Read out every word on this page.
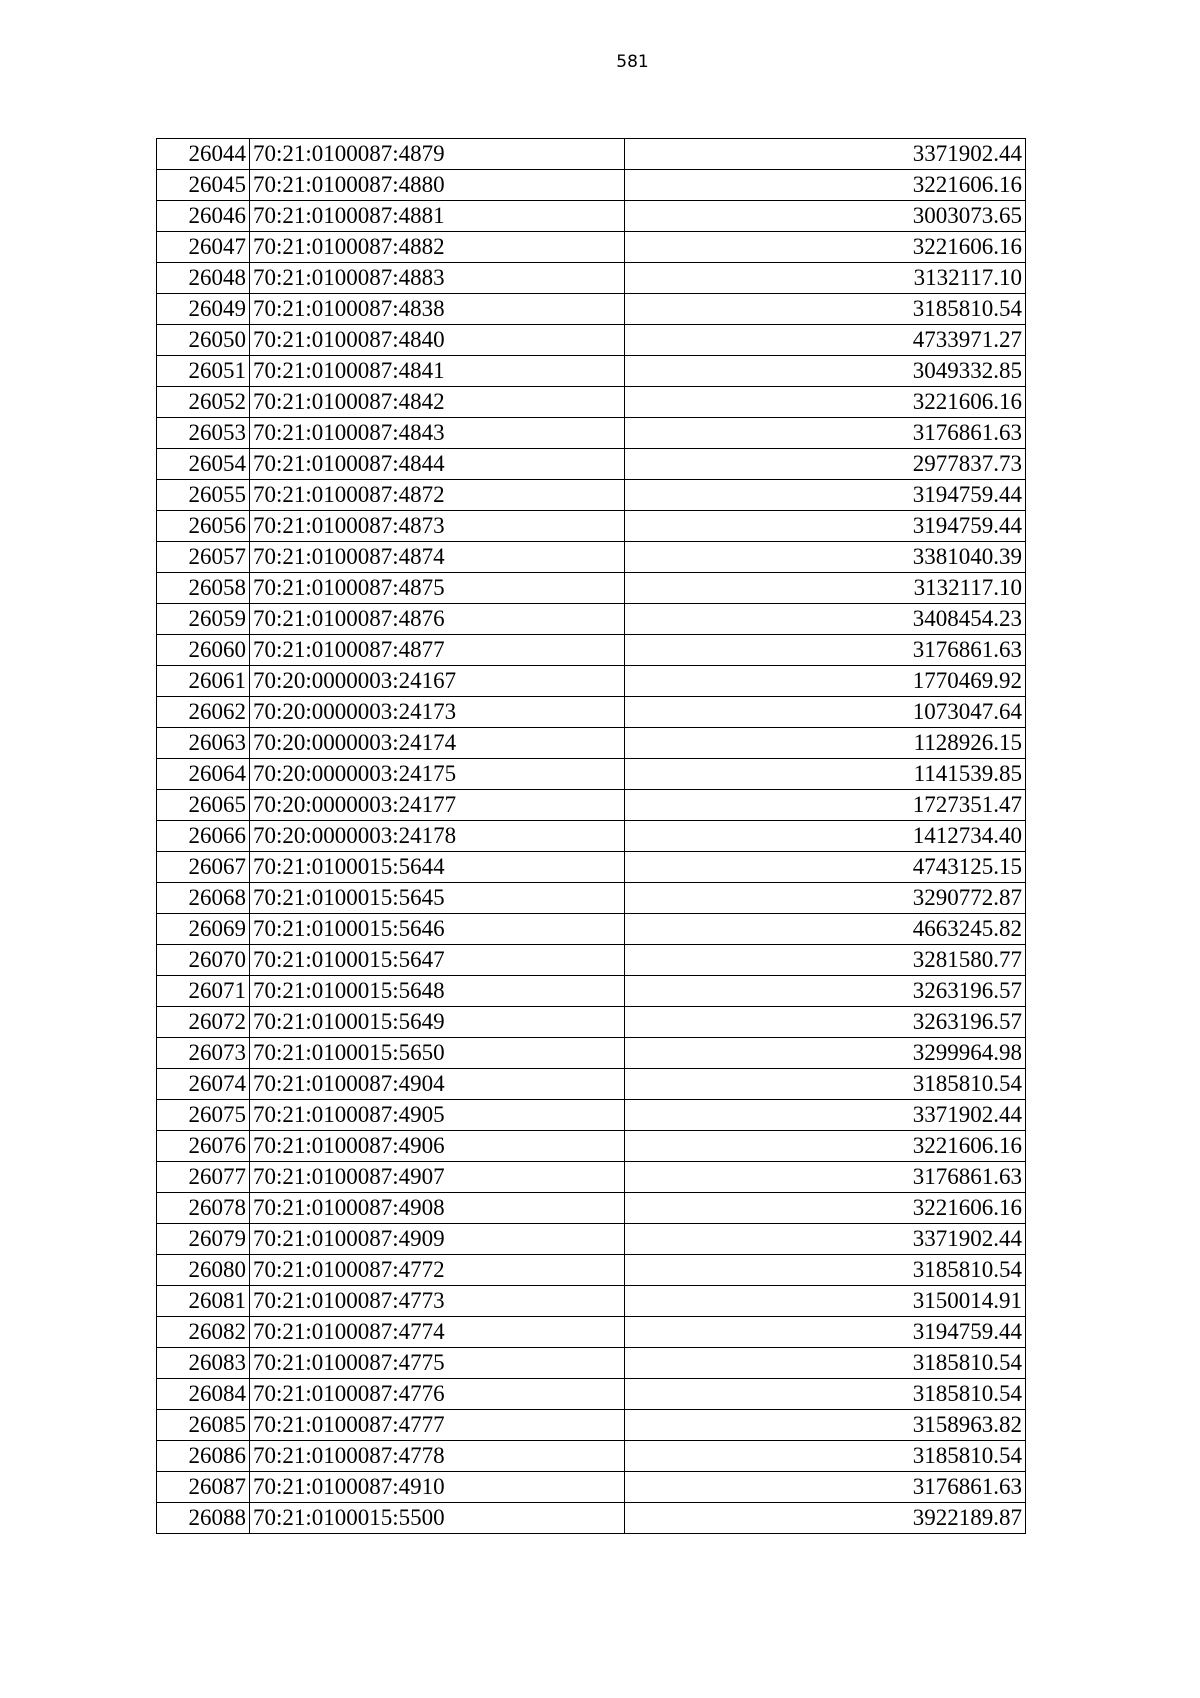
581
26044	70:21:0100087:4879	3371902.44
26045	70:21:0100087:4880	3221606.16
26046	70:21:0100087:4881	3003073.65
26047	70:21:0100087:4882	3221606.16
26048	70:21:0100087:4883	3132117.10
26049	70:21:0100087:4838	3185810.54
26050	70:21:0100087:4840	4733971.27
26051	70:21:0100087:4841	3049332.85
26052	70:21:0100087:4842	3221606.16
26053	70:21:0100087:4843	3176861.63
26054	70:21:0100087:4844	2977837.73
26055	70:21:0100087:4872	3194759.44
26056	70:21:0100087:4873	3194759.44
26057	70:21:0100087:4874	3381040.39
26058	70:21:0100087:4875	3132117.10
26059	70:21:0100087:4876	3408454.23
26060	70:21:0100087:4877	3176861.63
26061	70:20:0000003:24167	1770469.92
26062	70:20:0000003:24173	1073047.64
26063	70:20:0000003:24174	1128926.15
26064	70:20:0000003:24175	1141539.85
26065	70:20:0000003:24177	1727351.47
26066	70:20:0000003:24178	1412734.40
26067	70:21:0100015:5644	4743125.15
26068	70:21:0100015:5645	3290772.87
26069	70:21:0100015:5646	4663245.82
26070	70:21:0100015:5647	3281580.77
26071	70:21:0100015:5648	3263196.57
26072	70:21:0100015:5649	3263196.57
26073	70:21:0100015:5650	3299964.98
26074	70:21:0100087:4904	3185810.54
26075	70:21:0100087:4905	3371902.44
26076	70:21:0100087:4906	3221606.16
26077	70:21:0100087:4907	3176861.63
26078	70:21:0100087:4908	3221606.16
26079	70:21:0100087:4909	3371902.44
26080	70:21:0100087:4772	3185810.54
26081	70:21:0100087:4773	3150014.91
26082	70:21:0100087:4774	3194759.44
26083	70:21:0100087:4775	3185810.54
26084	70:21:0100087:4776	3185810.54
26085	70:21:0100087:4777	3158963.82
26086	70:21:0100087:4778	3185810.54
26087	70:21:0100087:4910	3176861.63
26088	70:21:0100015:5500	3922189.87
